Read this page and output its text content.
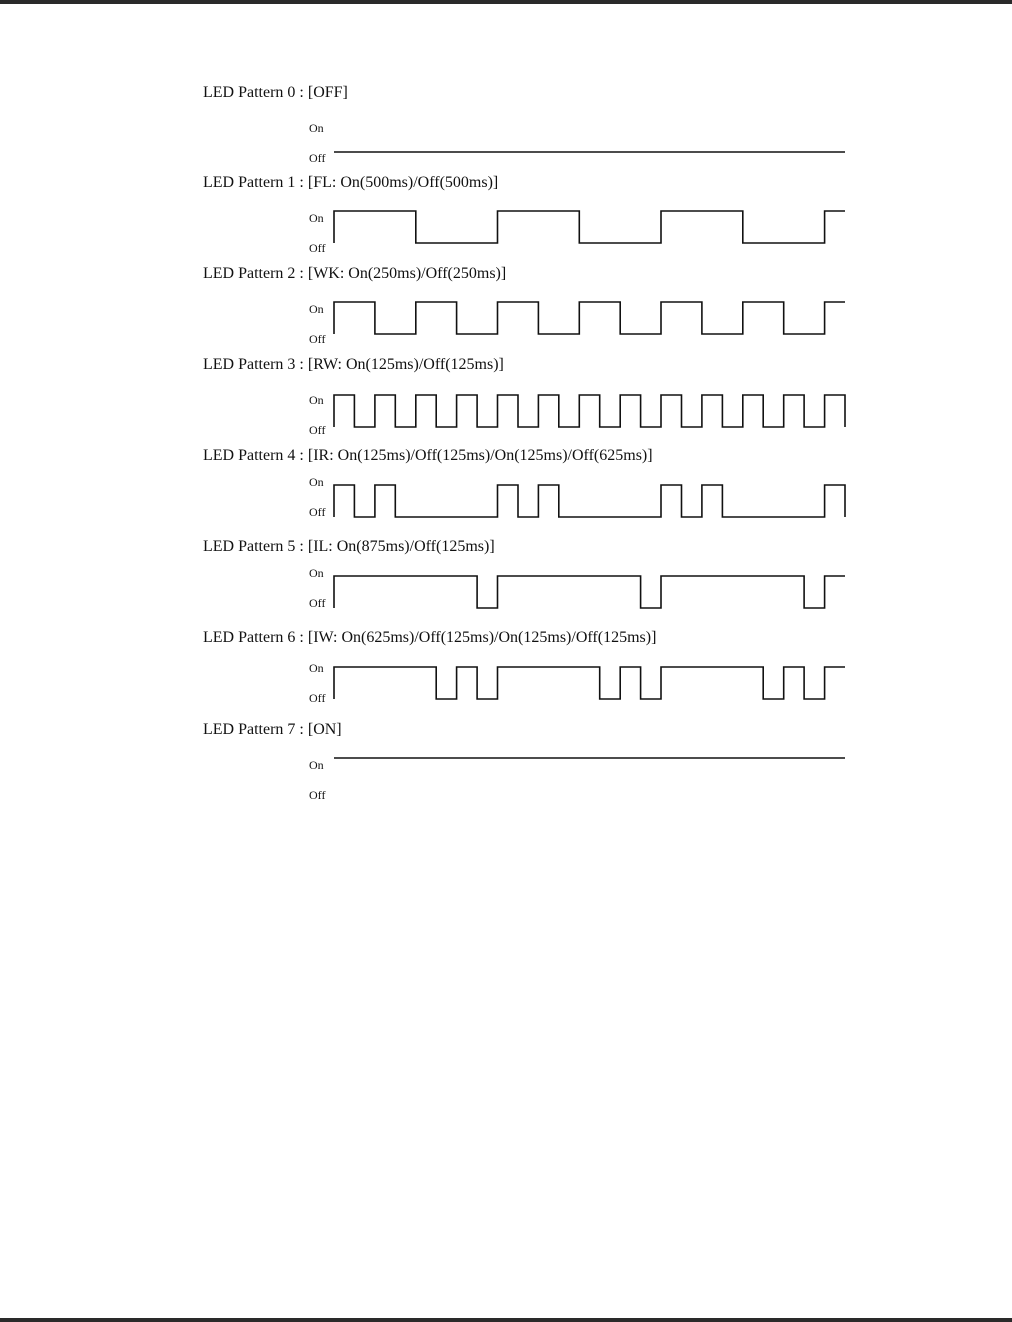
LED Pattern 0 : [OFF]
On
Off
LED Pattern 1 : [FL: On(500ms)/Off(500ms)]
On
Off
LED Pattern 2 : [WK: On(250ms)/Off(250ms)]
On
Off
LED Pattern 3 : [RW: On(125ms)/Off(125ms)]
On
Off
LED Pattern 4 : [IR: On(125ms)/Off(125ms)/On(125ms)/Off(625ms)]
On
Off
LED Pattern 5 : [IL: On(875ms)/Off(125ms)]
On
Off
LED Pattern 6 : [IW: On(625ms)/Off(125ms)/On(125ms)/Off(125ms)]
On
Off
LED Pattern 7 : [ON]
On
Off
